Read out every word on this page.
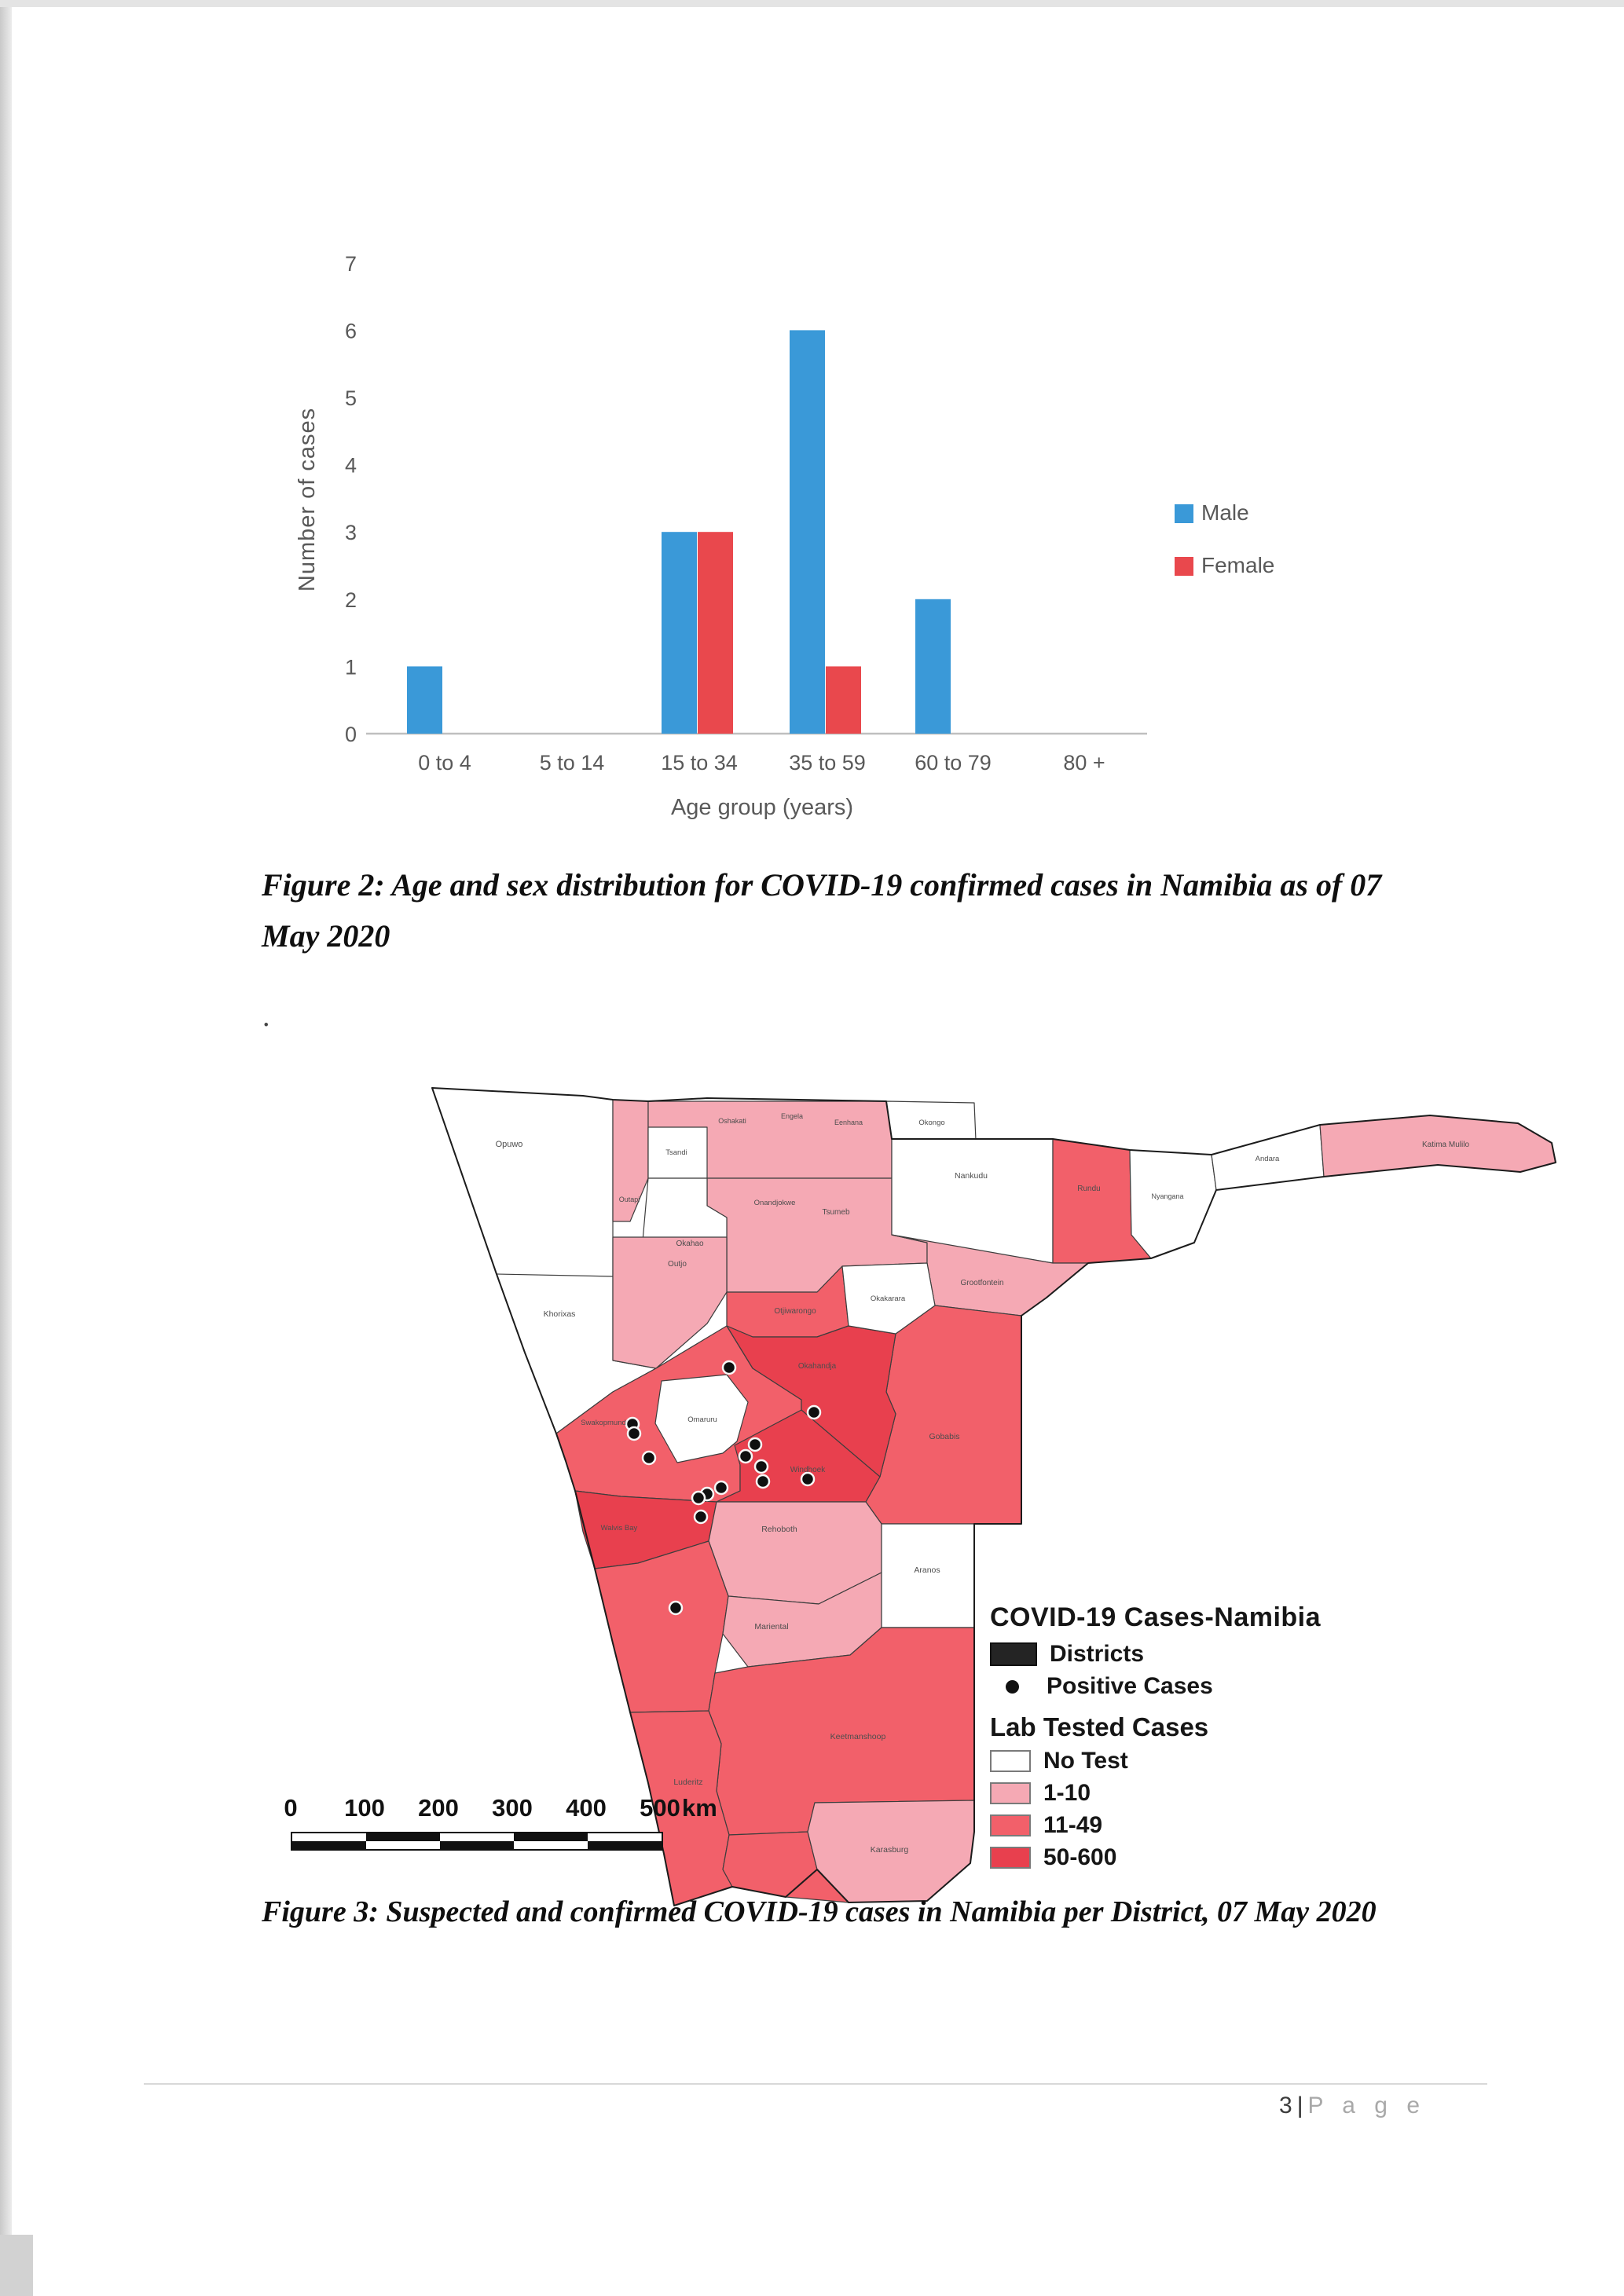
0
1
2
3
4
5
6
7
Number of cases
0 to 4	5 to 14	15 to 34 35 to 59 60 to 79	80 +
Age group (years)
Male
Female
Opuwo
Outapi
Tsandi
Okahao
Oshakati
Engela
Eenhana	Okongo
Onandjokwe
Tsumeb
Nankudu
Rundu
Nyangana
Andara
Katima Mulilo
Grootfontein
Khorixas
Outjo
Otjiwarongo
Okakarara
Okahandja
Gobabis
Swakopmund	Omaruru
Windhoek
Walvis Bay	Rehoboth
Mariental
Aranos
Luderitz
Keetmanshoop
Karasburg
Figure 2: Age and sex distribution for COVID-19 confirmed cases in Namibia as of 07
May 2020
.
COVID-19 Cases-Namibia
Districts
Positive Cases
Lab Tested Cases
No Test
1-10
11-49
50-600
0 100 200 300 400 500 km
Figure 3: Suspected and confirmed COVID-19 cases in Namibia per District, 07 May 2020
3 | P a g e
